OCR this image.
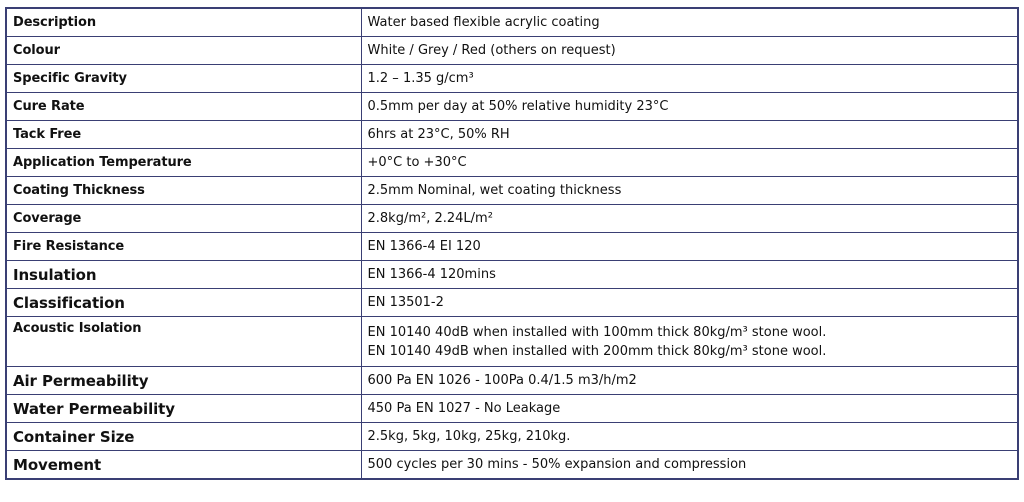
Description	Water based flexible acrylic coating
Colour	White / Grey / Red (others on request)
Specific Gravity	1.2 – 1.35 g/cm³
Cure Rate	0.5mm per day at 50% relative humidity 23°C
Tack Free	6hrs at 23°C, 50% RH
Application Temperature	+0°C to +30°C
Coating Thickness	2.5mm Nominal, wet coating thickness
Coverage	2.8kg/m², 2.24L/m²
Fire Resistance	EN 1366-4 EI 120
Insulation	EN 1366-4 120mins
Classification	EN 13501-2
Acoustic Isolation	EN 10140 40dB when installed with 100mm thick 80kg/m³ stone wool.
EN 10140 49dB when installed with 200mm thick 80kg/m³ stone wool.

Air Permeability	600 Pa EN 1026 - 100Pa 0.4/1.5 m3/h/m2
Water Permeability	450 Pa EN 1027 - No Leakage
Container Size	2.5kg, 5kg, 10kg, 25kg, 210kg.
Movement	500 cycles per 30 mins - 50% expansion and compression
